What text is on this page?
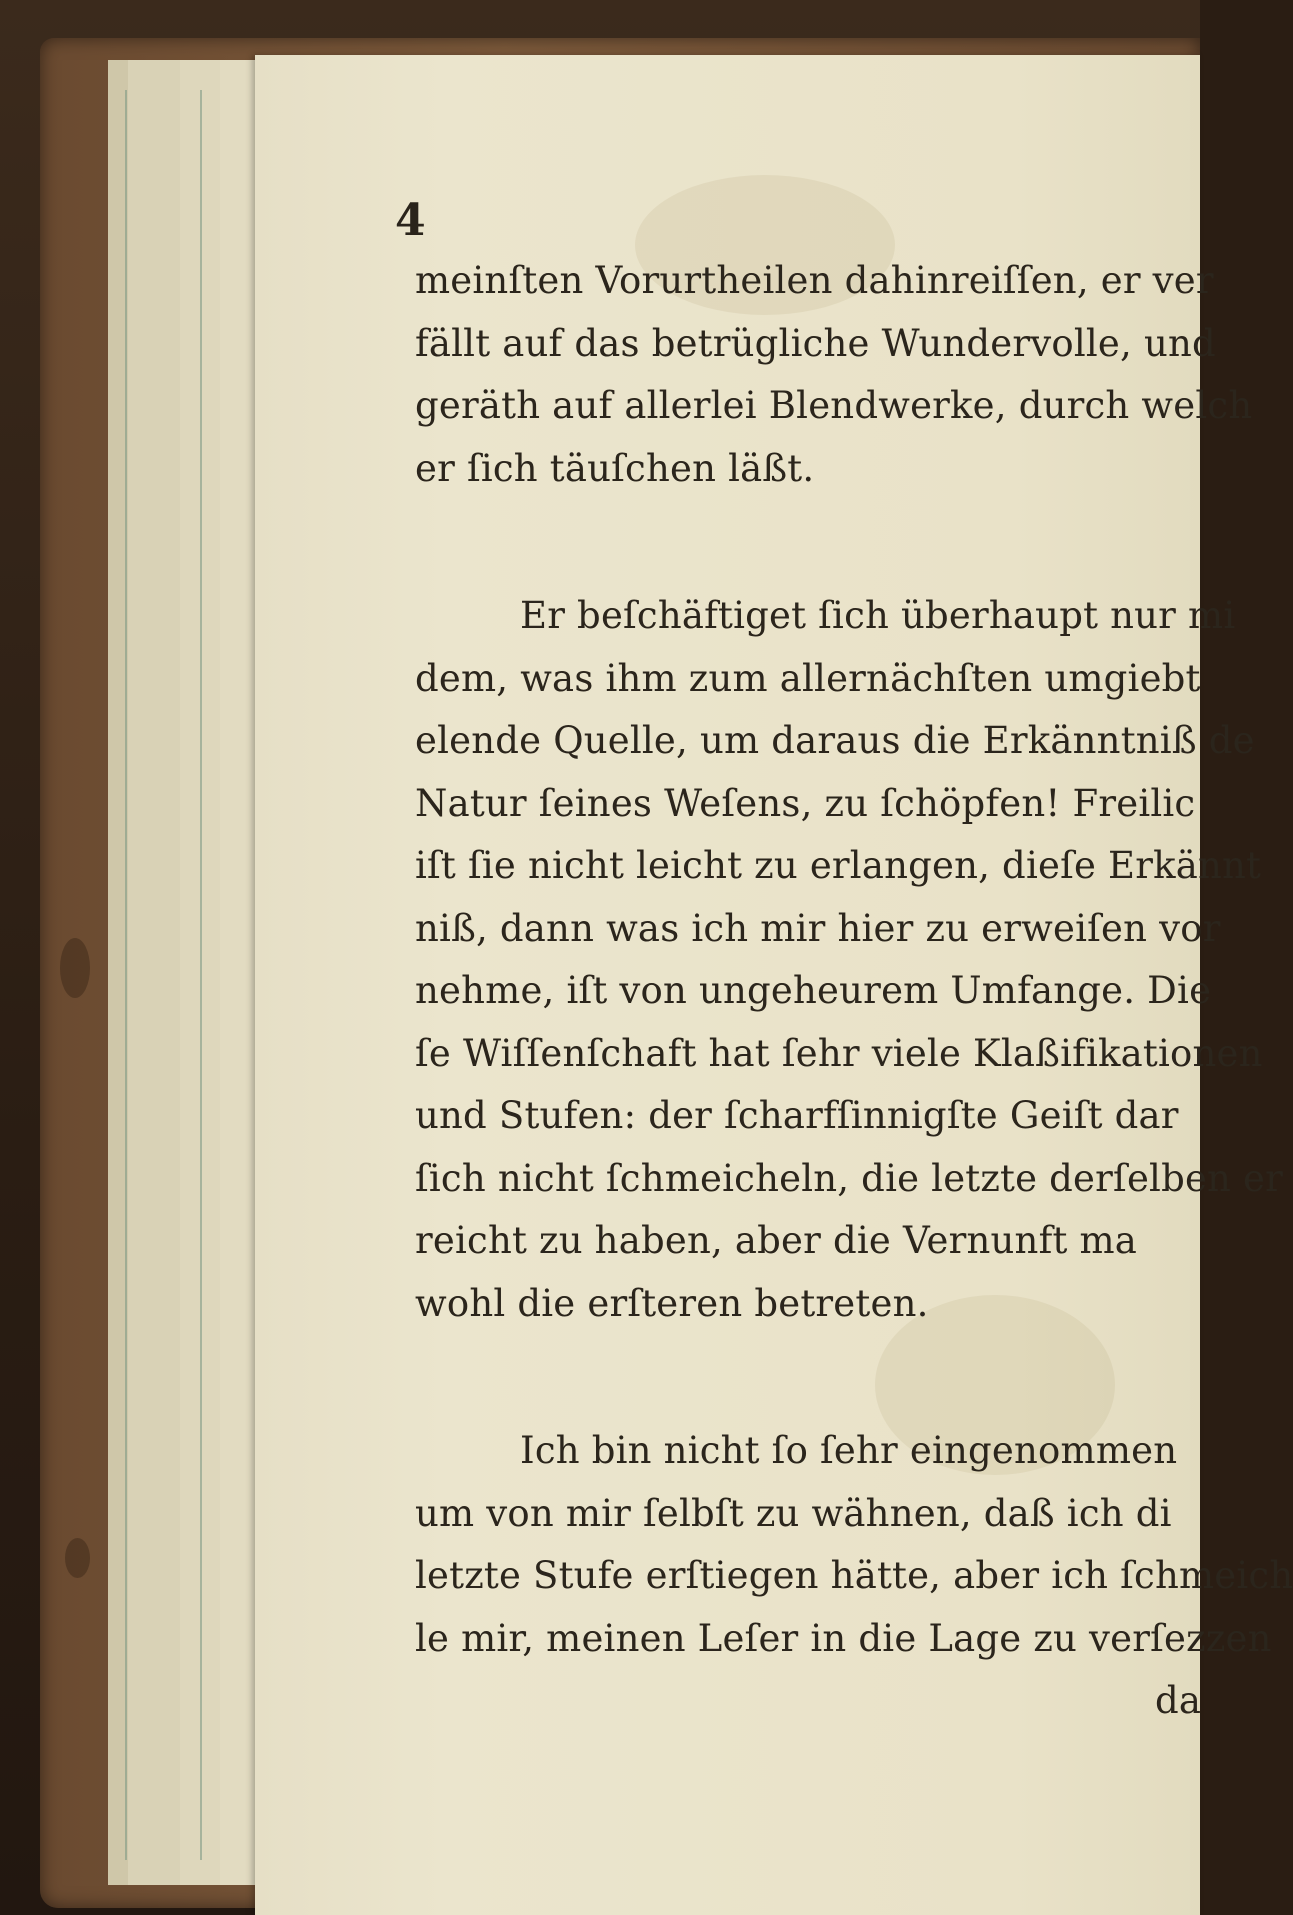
4
meinſten Vorurtheilen dahinreiſſen, er ver
fällt auf das betrügliche Wundervolle, und
geräth auf allerlei Blendwerke, durch welch
er ſich täuſchen läßt.
Er beſchäftiget ſich überhaupt nur mi
dem, was ihm zum allernächſten umgiebt
elende Quelle, um daraus die Erkänntniß de
Natur ſeines Weſens, zu ſchöpfen! Freilic
iſt ſie nicht leicht zu erlangen, dieſe Erkännt
niß, dann was ich mir hier zu erweiſen vor
nehme, iſt von ungeheurem Umfange. Die
ſe Wiſſenſchaft hat ſehr viele Klaßifikationen
und Stufen: der ſcharfſinnigſte Geiſt dar
ſich nicht ſchmeicheln, die letzte derſelben er
reicht zu haben, aber die Vernunft ma
wohl die erſteren betreten.
Ich bin nicht ſo ſehr eingenommen
um von mir ſelbſt zu wähnen, daß ich di
letzte Stufe erſtiegen hätte, aber ich ſchmeich
le mir, meinen Leſer in die Lage zu verſezzen
da
